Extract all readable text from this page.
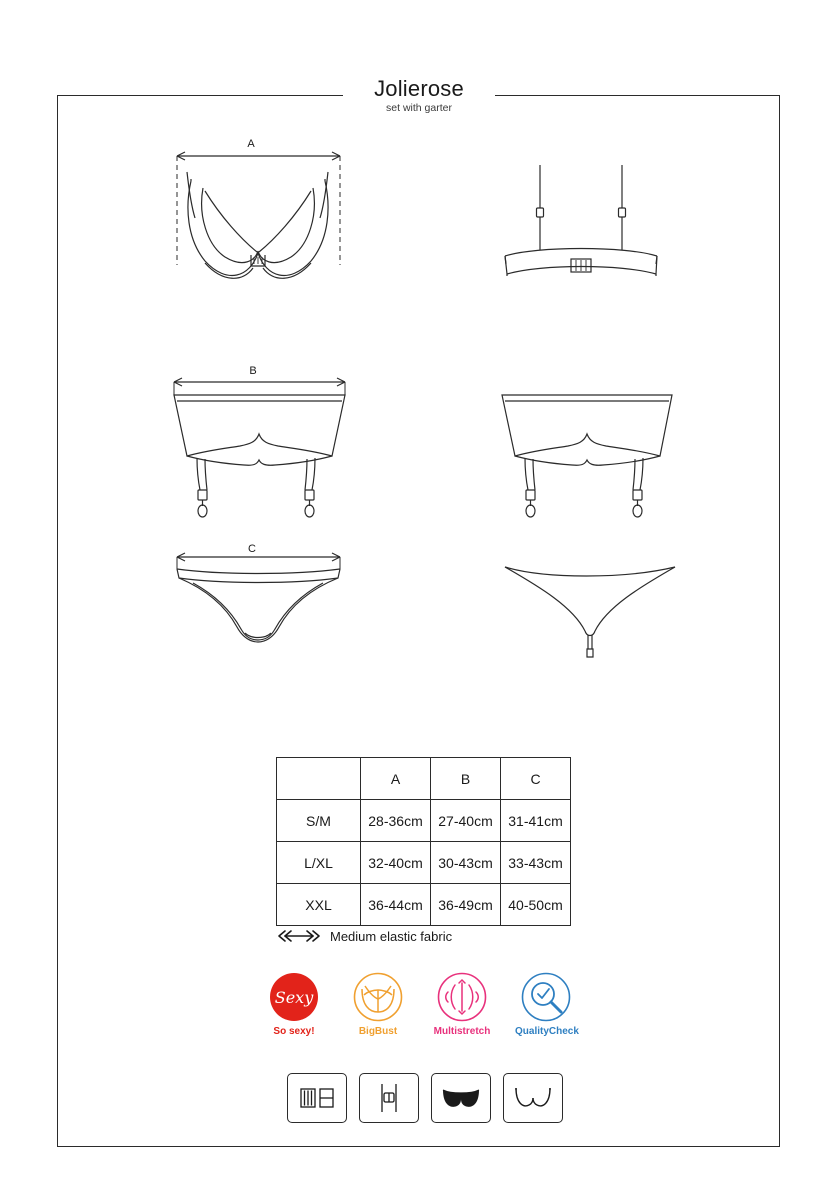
Jolierose
set with garter
A
B
C
	A	B	C
S/M	28-36cm	27-40cm	31-41cm
L/XL	32-40cm	30-43cm	33-43cm
XXL	36-44cm	36-49cm	40-50cm
Medium elastic fabric
Sexy
So sexy!	BigBust	Multistretch QualityCheck
